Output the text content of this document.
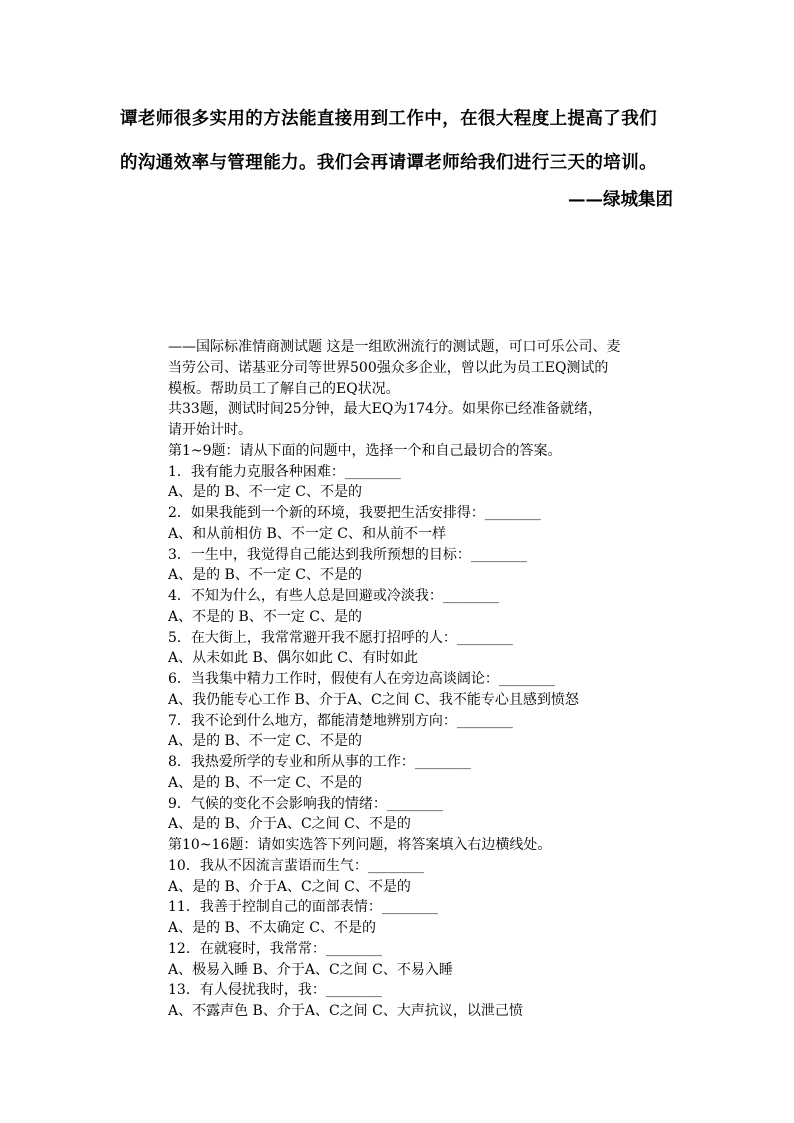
谭老师很多实用的方法能直接用到工作中，在很大程度上提高了我们
的沟通效率与管理能力。我们会再请谭老师给我们进行三天的培训。
——绿城集团
——国际标准情商测试题 这是一组欧洲流行的测试题，可口可乐公司、麦
当劳公司、诺基亚分司等世界500强众多企业，曾以此为员工EQ测试的
模板。帮助员工了解自己的EQ状况。
共33题，测试时间25分钟，最大EQ为174分。如果你已经准备就绪，
请开始计时。
第1~9题：请从下面的问题中，选择一个和自己最切合的答案。
1．我有能力克服各种困难：________
A、是的 B、不一定 C、不是的
2．如果我能到一个新的环境，我要把生活安排得：________
A、和从前相仿 B、不一定 C、和从前不一样
3．一生中，我觉得自己能达到我所预想的目标：________
A、是的 B、不一定 C、不是的
4．不知为什么，有些人总是回避或冷淡我：________
A、不是的 B、不一定 C、是的
5．在大街上，我常常避开我不愿打招呼的人：________
A、从未如此 B、偶尔如此 C、有时如此
6．当我集中精力工作时，假使有人在旁边高谈阔论：________
A、我仍能专心工作 B、介于A、C之间 C、我不能专心且感到愤怒
7．我不论到什么地方，都能清楚地辨别方向：________
A、是的 B、不一定 C、不是的
8．我热爱所学的专业和所从事的工作：________
A、是的 B、不一定 C、不是的
9．气候的变化不会影响我的情绪：________
A、是的 B、介于A、C之间 C、不是的
第10~16题：请如实选答下列问题，将答案填入右边横线处。
10．我从不因流言蜚语而生气：________
A、是的 B、介于A、C之间 C、不是的
11．我善于控制自己的面部表情：________
A、是的 B、不太确定 C、不是的
12．在就寝时，我常常：________
A、极易入睡 B、介于A、C之间 C、不易入睡
13．有人侵扰我时，我：________
A、不露声色 B、介于A、C之间 C、大声抗议，以泄己愤
